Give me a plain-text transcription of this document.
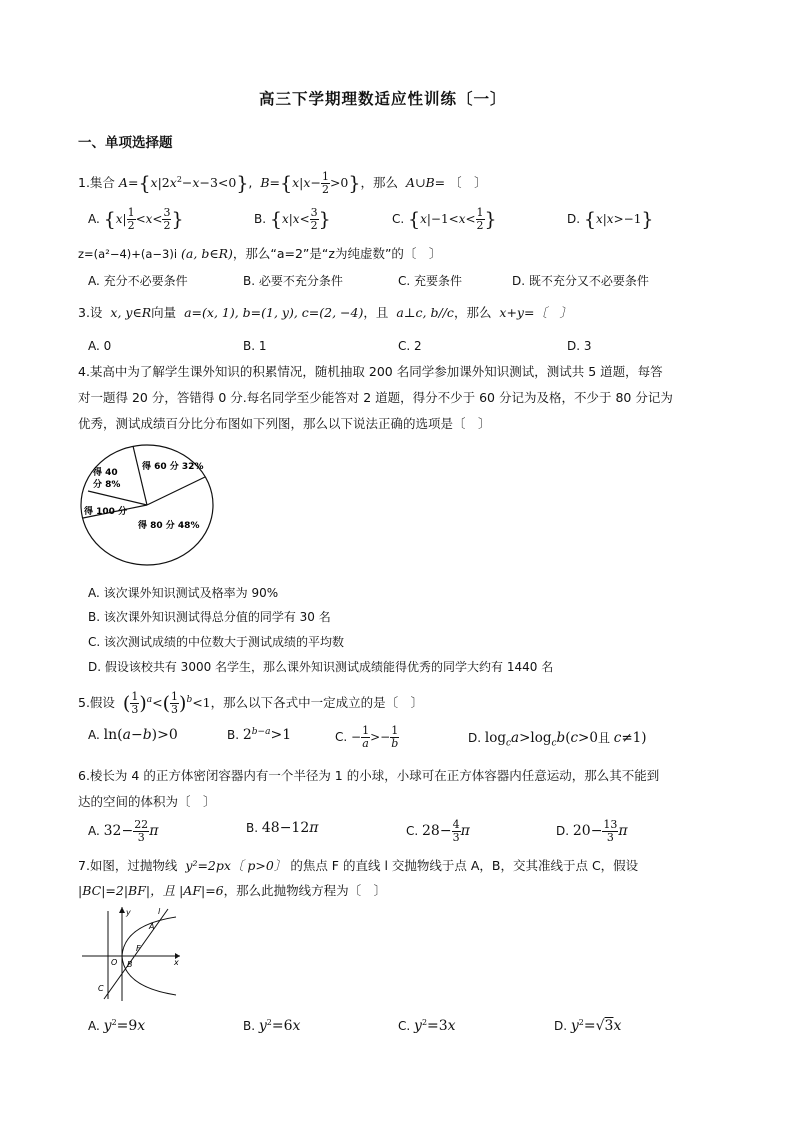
高三下学期理数适应性训练〔一〕
一、单项选择题
1.集合 $A=\{x|2x^2-x-3<0\}$,  $B=\{x|x- \frac{1}{2} >0\}$，那么 A∪B= 〔　〕
A. {$x| \frac{1}{2} <x< \frac{3}{2}$ }	B. {$x|x< \frac{3}{2}$ }	C. {$x|-1<x< \frac{1}{2}$ }	D. {x|x>−1}
z=(a²−4)+(a−3)i (a, b∈R)，那么“a=2”是“z为纯虚数”的〔　〕
A. 充分不必要条件	B. 必要不充分条件	C. 充要条件	D. 既不充分又不必要条件
3.设 x, y∈R向量 a=(x, 1), b=(1, y), c=(2, −4)，且 a⊥c, b//c，那么 x+y=〔　〕
A. 0	B. 1	C. 2	D. 3
4.某高中为了解学生课外知识的积累情况，随机抽取 200 名同学参加课外知识测试，测试共 5 道题，每答
对一题得 20 分，答错得 0 分.每名同学至少能答对 2 道题，得分不少于 60 分记为及格，不少于 80 分记为
优秀，测试成绩百分比分布图如下列图，那么以下说法正确的选项是〔　〕
得 60 分 32%
得 40
分 8%
得 100 分
得 80 分 48%
A. 该次课外知识测试及格率为 90%
B. 该次课外知识测试得总分值的同学有 30 名
C. 该次测试成绩的中位数大于测试成绩的平均数
D. 假设该校共有 3000 名学生，那么课外知识测试成绩能得优秀的同学大约有 1440 名
5.假设 ( $\frac{1}{3} )^a<( \frac{1}{3} )^b<1$，那么以下各式中一定成立的是〔　〕
A. ln(a−b)>0	B. $2^{b-a}>1$	C. − $\frac{1}{a} >- \frac{1}{b}$	D. $\log_ca>\log_cb(c>0$且 c≠1)
6.棱长为 4 的正方体密闭容器内有一个半径为 1 的小球，小球可在正方体容器内任意运动，那么其不能到
达的空间的体积为〔　〕
A. $32- \frac{22}{3}$ π	B. 48−12π	C. $28- \frac{4}{3}$ π	D. $20- \frac{13}{3}$ π
7.如图，过抛物线 y²=2px〔 p>0〕 的焦点 F 的直线 l 交抛物线于点 A，B，交其准线于点 C，假设
|BC|=2|BF|，且 |AF|=6，那么此抛物线方程为〔　〕
y	l
A
F
O B	x
C
A. $y^2=9x$	B. $y^2=6x$	C. $y^2=3x$	D. $y^2=√3x$
